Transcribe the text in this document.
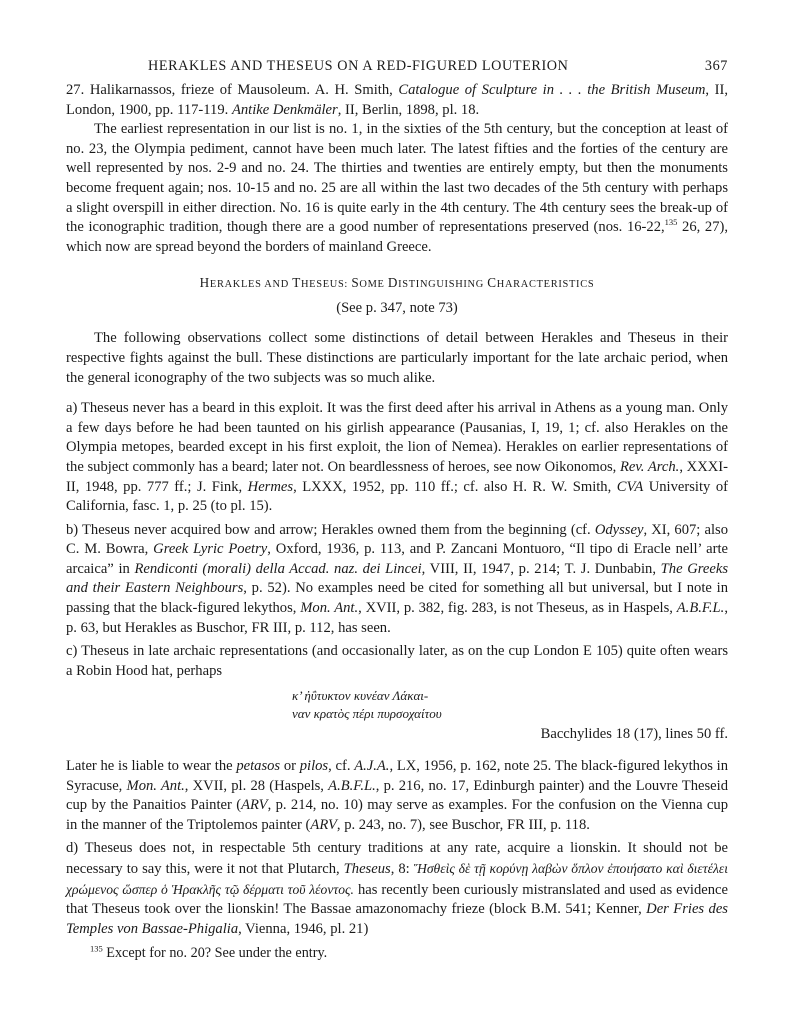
HERAKLES AND THESEUS ON A RED-FIGURED LOUTERION	367

27. Halikarnassos, frieze of Mausoleum. A. H. Smith, Catalogue of Sculpture in . . . the British Museum, II, London, 1900, pp. 117-119. Antike Denkmäler, II, Berlin, 1898, pl. 18.

The earliest representation in our list is no. 1, in the sixties of the 5th century, but the conception at least of no. 23, the Olympia pediment, cannot have been much later. The latest fifties and the forties of the century are well represented by nos. 2-9 and no. 24. The thirties and twenties are entirely empty, but then the monuments become frequent again; nos. 10-15 and no. 25 are all within the last two decades of the 5th century with perhaps a slight overspill in either direction. No. 16 is quite early in the 4th century. The 4th century sees the break-up of the iconographic tradition, though there are a good number of representations preserved (nos. 16-22,$^{135}$ 26, 27), which now are spread beyond the borders of mainland Greece.

HERAKLES AND THESEUS: SOME DISTINGUISHING CHARACTERISTICS
(See p. 347, note 73)

The following observations collect some distinctions of detail between Herakles and Theseus in their respective fights against the bull. These distinctions are particularly important for the late archaic period, when the general iconography of the two subjects was so much alike.

a) Theseus never has a beard in this exploit. It was the first deed after his arrival in Athens as a young man. Only a few days before he had been taunted on his girlish appearance (Pausanias, I, 19, 1; cf. also Herakles on the Olympia metopes, bearded except in his first exploit, the lion of Nemea). Herakles on earlier representations of the subject commonly has a beard; later not. On beardlessness of heroes, see now Oikonomos, Rev. Arch., XXXI-II, 1948, pp. 777 ff.; J. Fink, Hermes, LXXX, 1952, pp. 110 ff.; cf. also H. R. W. Smith, CVA University of California, fasc. 1, p. 25 (to pl. 15).

b) Theseus never acquired bow and arrow; Herakles owned them from the beginning (cf. Odyssey, XI, 607; also C. M. Bowra, Greek Lyric Poetry, Oxford, 1936, p. 113, and P. Zancani Montuoro, “Il tipo di Eracle nell’ arte arcaica” in Rendiconti (morali) della Accad. naz. dei Lincei, VIII, II, 1947, p. 214; T. J. Dunbabin, The Greeks and their Eastern Neighbours, p. 52). No examples need be cited for something all but universal, but I note in passing that the black-figured lekythos, Mon. Ant., XVII, p. 382, fig. 283, is not Theseus, as in Haspels, A.B.F.L., p. 63, but Herakles as Buschor, FR III, p. 112, has seen.

c) Theseus in late archaic representations (and occasionally later, as on the cup London E 105) quite often wears a Robin Hood hat, perhaps

κ’ ἠΰτυκτον κυνέαν Λάκαι-
ναν κρατὸς πέρι πυρσοχαίτου
Bacchylides 18 (17), lines 50 ff.

Later he is liable to wear the petasos or pilos, cf. A.J.A., LX, 1956, p. 162, note 25. The black-figured lekythos in Syracuse, Mon. Ant., XVII, pl. 28 (Haspels, A.B.F.L., p. 216, no. 17, Edinburgh painter) and the Louvre Theseid cup by the Panaitios Painter (ARV, p. 214, no. 10) may serve as examples. For the confusion on the Vienna cup in the manner of the Triptolemos painter (ARV, p. 243, no. 7), see Buschor, FR III, p. 118.

d) Theseus does not, in respectable 5th century traditions at any rate, acquire a lionskin. It should not be necessary to say this, were it not that Plutarch, Theseus, 8: Ἥσθεὶς δὲ τῇ κορύνῃ λαβὼν ὅπλον ἐποιήσατο καὶ διετέλει χρώμενος ὥσπερ ὁ Ἡρακλῆς τῷ δέρματι τοῦ λέοντος. has recently been curiously mistranslated and used as evidence that Theseus took over the lionskin! The Bassae amazonomachy frieze (block B.M. 541; Kenner, Der Fries des Temples von Bassae-Phigalia, Vienna, 1946, pl. 21)

$^{135}$ Except for no. 20? See under the entry.
